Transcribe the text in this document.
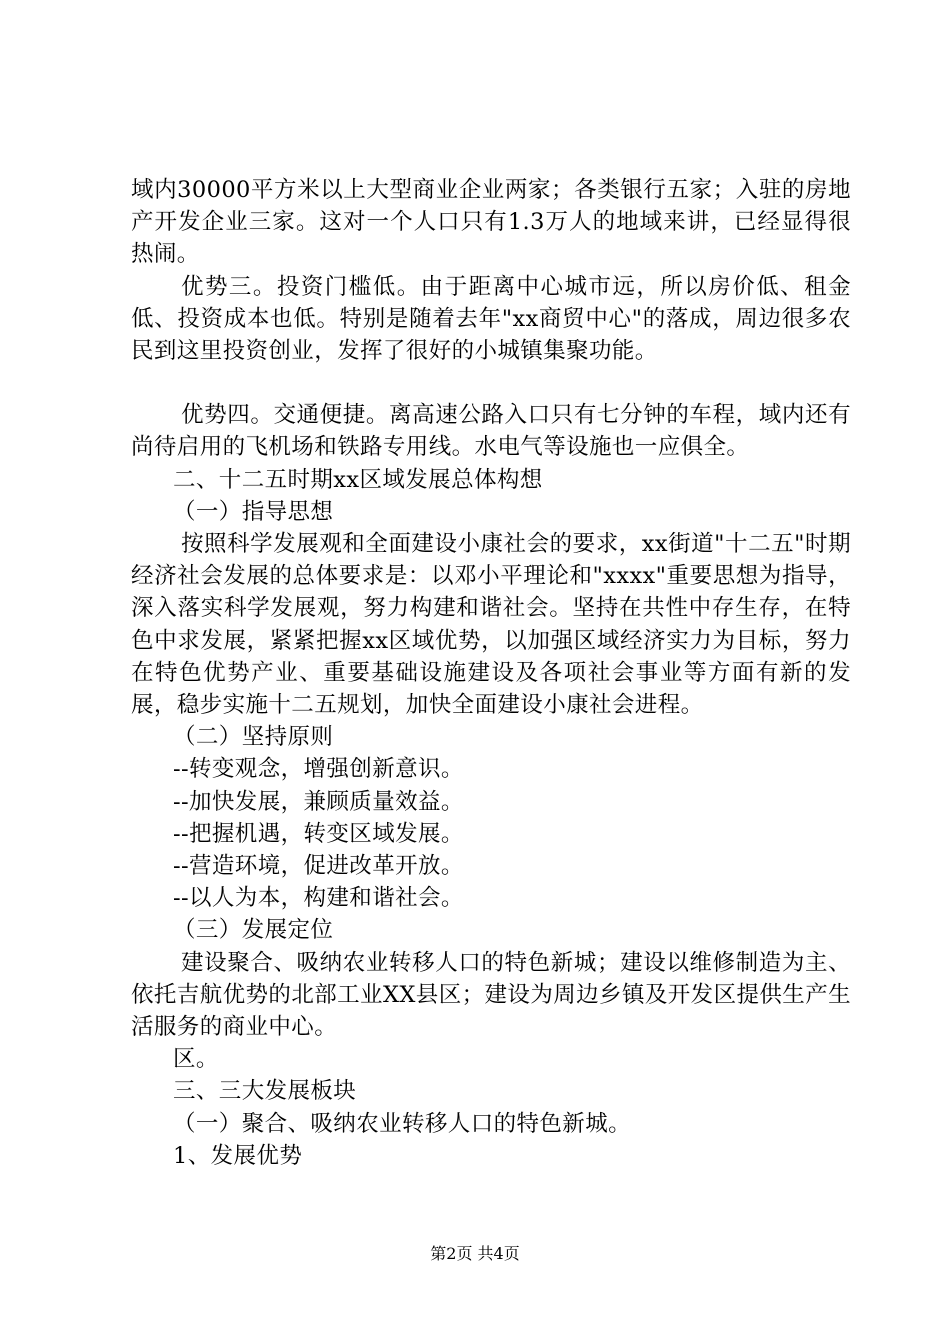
域内30000平方米以上大型商业企业两家；各类银行五家；入驻的房地产开发企业三家。这对一个人口只有1.3万人的地域来讲，已经显得很热闹。

优势三。投资门槛低。由于距离中心城市远，所以房价低、租金低、投资成本也低。特别是随着去年"xx商贸中心"的落成，周边很多农民到这里投资创业，发挥了很好的小城镇集聚功能。

优势四。交通便捷。离高速公路入口只有七分钟的车程，域内还有尚待启用的飞机场和铁路专用线。水电气等设施也一应俱全。

二、十二五时期xx区域发展总体构想

（一）指导思想

按照科学发展观和全面建设小康社会的要求，xx街道"十二五"时期经济社会发展的总体要求是：以邓小平理论和"xxxx"重要思想为指导，深入落实科学发展观，努力构建和谐社会。坚持在共性中存生存，在特色中求发展，紧紧把握xx区域优势，以加强区域经济实力为目标，努力在特色优势产业、重要基础设施建设及各项社会事业等方面有新的发展，稳步实施十二五规划，加快全面建设小康社会进程。

（二）坚持原则

--转变观念，增强创新意识。

--加快发展，兼顾质量效益。

--把握机遇，转变区域发展。

--营造环境，促进改革开放。

--以人为本，构建和谐社会。

（三）发展定位

建设聚合、吸纳农业转移人口的特色新城；建设以维修制造为主、依托吉航优势的北部工业XX县区；建设为周边乡镇及开发区提供生产生活服务的商业中心。

区。

三、三大发展板块

（一）聚合、吸纳农业转移人口的特色新城。

1、发展优势

第2页 共4页
